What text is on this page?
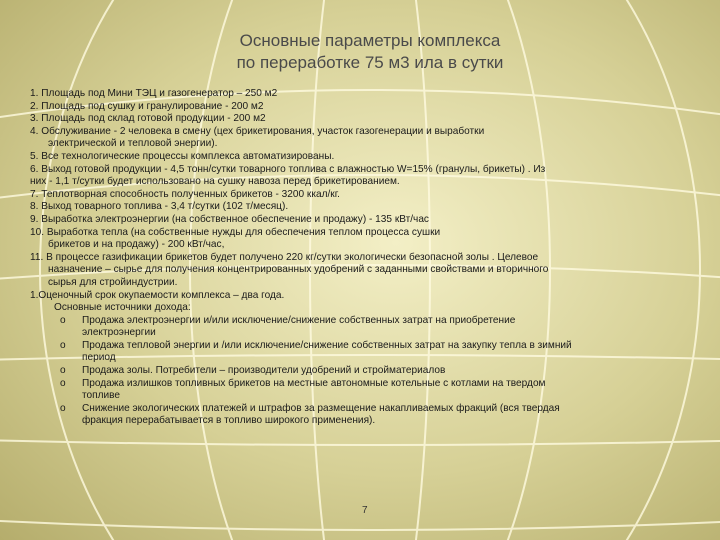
Основные параметры комплекса
по переработке 75 м3 ила в сутки
1. Площадь под Мини ТЭЦ и газогенератор – 250 м2
2. Площадь под сушку и гранулирование - 200 м2
3. Площадь под склад готовой продукции - 200 м2
4. Обслуживание - 2 человека в смену (цех брикетирования, участок газогенерации и выработки
электрической и тепловой энергии).
5. Все технологические процессы комплекса автоматизированы.
6. Выход готовой продукции - 4,5 тонн/сутки товарного топлива с влажностью W=15% (гранулы, брикеты) . Из
них - 1,1 т/сутки будет использовано на сушку навоза перед брикетированием.
7. Теплотворная способность полученных брикетов - 3200 ккал/кг.
8. Выход товарного топлива - 3,4 т/сутки (102 т/месяц).
9. Выработка электроэнергии (на собственное обеспечение и продажу) - 135 кВт/час
10. Выработка тепла (на собственные нужды для обеспечения теплом процесса сушки
брикетов и на продажу) - 200 кВт/час,
11. В процессе газификации брикетов будет получено 220 кг/сутки экологически безопасной золы . Целевое
назначение – сырье для получения концентрированных удобрений с заданными свойствами и вторичного
сырья для стройиндустрии.
1.Оценочный срок окупаемости комплекса – два года.
Основные источники дохода:
o	Продажа электроэнергии и/или исключение/снижение собственных затрат на приобретение
электроэнергии
o	Продажа тепловой энергии и /или исключение/снижение собственных затрат на закупку тепла в зимний
период
o	Продажа золы. Потребители – производители удобрений и стройматериалов
o	Продажа излишков топливных брикетов на местные автономные котельные с котлами на твердом
топливе
o	Снижение экологических платежей и штрафов за размещение накапливаемых фракций (вся твердая
фракция перерабатывается в топливо широкого применения).
7
